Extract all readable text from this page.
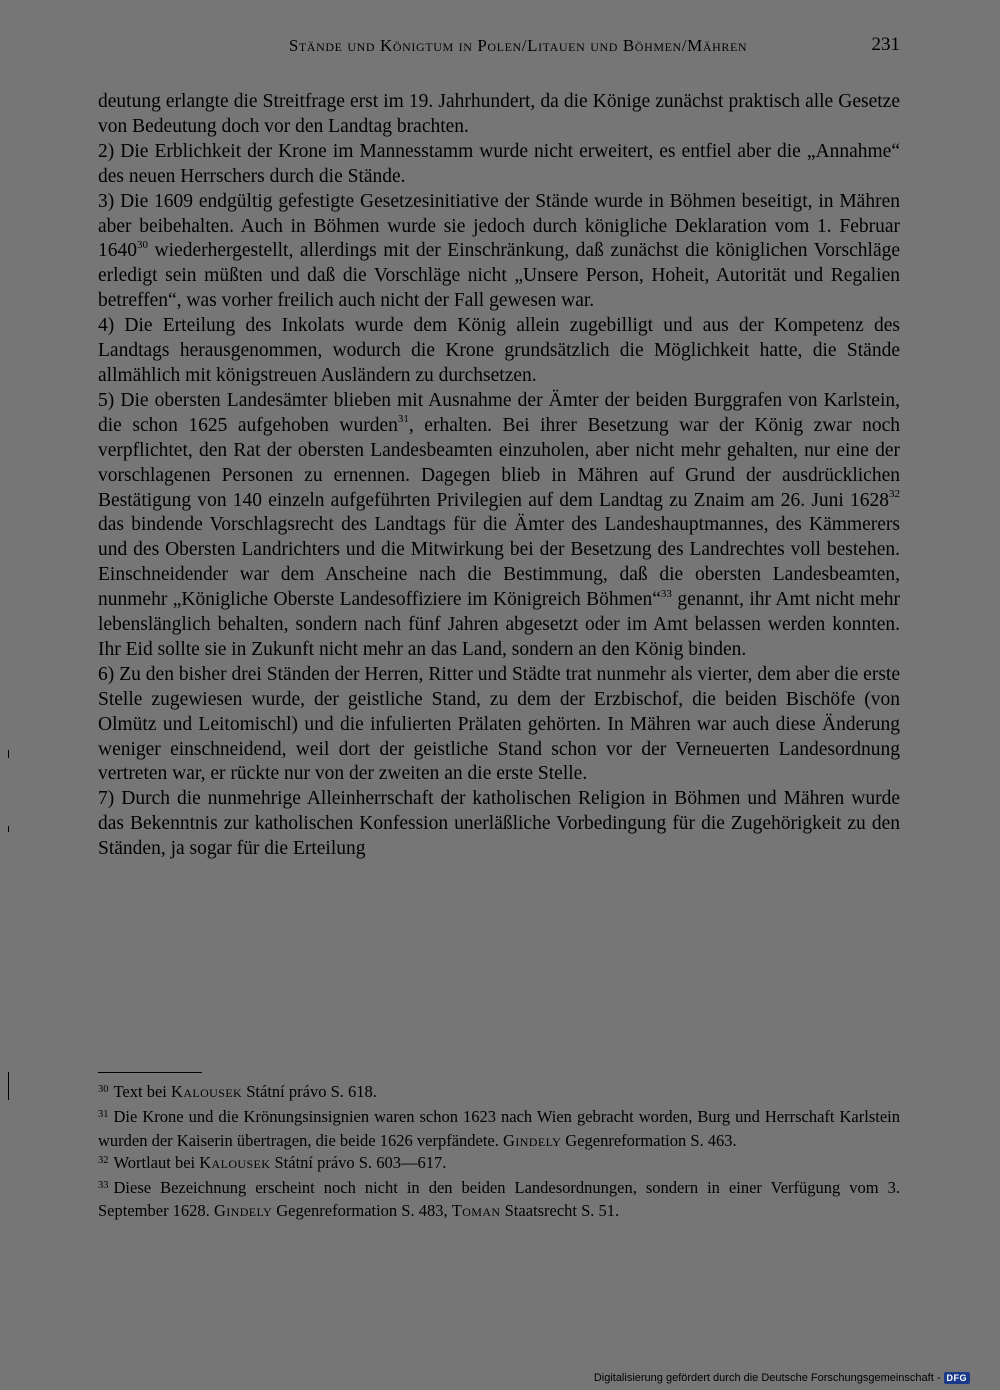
Stände und Königtum in Polen/Litauen und Böhmen/Mähren	231

deutung erlangte die Streitfrage erst im 19. Jahrhundert, da die Könige zunächst praktisch alle Gesetze von Bedeutung doch vor den Landtag brachten.

2) Die Erblichkeit der Krone im Mannesstamm wurde nicht erweitert, es entfiel aber die „Annahme“ des neuen Herrschers durch die Stände.

3) Die 1609 endgültig gefestigte Gesetzesinitiative der Stände wurde in Böhmen beseitigt, in Mähren aber beibehalten. Auch in Böhmen wurde sie jedoch durch königliche Deklaration vom 1. Februar 1640$^{30}$ wiederhergestellt, allerdings mit der Einschränkung, daß zunächst die königlichen Vorschläge erledigt sein müßten und daß die Vorschläge nicht „Unsere Person, Hoheit, Autorität und Regalien betreffen“, was vorher freilich auch nicht der Fall gewesen war.

4) Die Erteilung des Inkolats wurde dem König allein zugebilligt und aus der Kompetenz des Landtags herausgenommen, wodurch die Krone grundsätzlich die Möglichkeit hatte, die Stände allmählich mit königstreuen Ausländern zu durchsetzen.

5) Die obersten Landesämter blieben mit Ausnahme der Ämter der beiden Burggrafen von Karlstein, die schon 1625 aufgehoben wurden$^{31}$, erhalten. Bei ihrer Besetzung war der König zwar noch verpflichtet, den Rat der obersten Landesbeamten einzuholen, aber nicht mehr gehalten, nur eine der vorschlagenen Personen zu ernennen. Dagegen blieb in Mähren auf Grund der ausdrücklichen Bestätigung von 140 einzeln aufgeführten Privilegien auf dem Landtag zu Znaim am 26. Juni 1628$^{32}$ das bindende Vorschlagsrecht des Landtags für die Ämter des Landeshauptmannes, des Kämmerers und des Obersten Landrichters und die Mitwirkung bei der Besetzung des Landrechtes voll bestehen. Einschneidender war dem Anscheine nach die Bestimmung, daß die obersten Landesbeamten, nunmehr „Königliche Oberste Landesoffiziere im Königreich Böhmen“$^{33}$ genannt, ihr Amt nicht mehr lebenslänglich behalten, sondern nach fünf Jahren abgesetzt oder im Amt belassen werden konnten. Ihr Eid sollte sie in Zukunft nicht mehr an das Land, sondern an den König binden.

6) Zu den bisher drei Ständen der Herren, Ritter und Städte trat nunmehr als vierter, dem aber die erste Stelle zugewiesen wurde, der geistliche Stand, zu dem der Erzbischof, die beiden Bischöfe (von Olmütz und Leitomischl) und die infulierten Prälaten gehörten. In Mähren war auch diese Änderung weniger einschneidend, weil dort der geistliche Stand schon vor der Verneuerten Landesordnung vertreten war, er rückte nur von der zweiten an die erste Stelle.

7) Durch die nunmehrige Alleinherrschaft der katholischen Religion in Böhmen und Mähren wurde das Bekenntnis zur katholischen Konfession unerläßliche Vorbedingung für die Zugehörigkeit zu den Ständen, ja sogar für die Erteilung

$^{30}$ Text bei Kalousek Státní právo S. 618.

$^{31}$ Die Krone und die Krönungsinsignien waren schon 1623 nach Wien gebracht worden, Burg und Herrschaft Karlstein wurden der Kaiserin übertragen, die beide 1626 verpfändete. Gindely Gegenreformation S. 463.

$^{32}$ Wortlaut bei Kalousek Státní právo S. 603—617.

$^{33}$ Diese Bezeichnung erscheint noch nicht in den beiden Landesordnungen, sondern in einer Verfügung vom 3. September 1628. Gindely Gegenreformation S. 483, Toman Staatsrecht S. 51.

Digitalisierung gefördert durch die Deutsche Forschungsgemeinschaft - DFG
